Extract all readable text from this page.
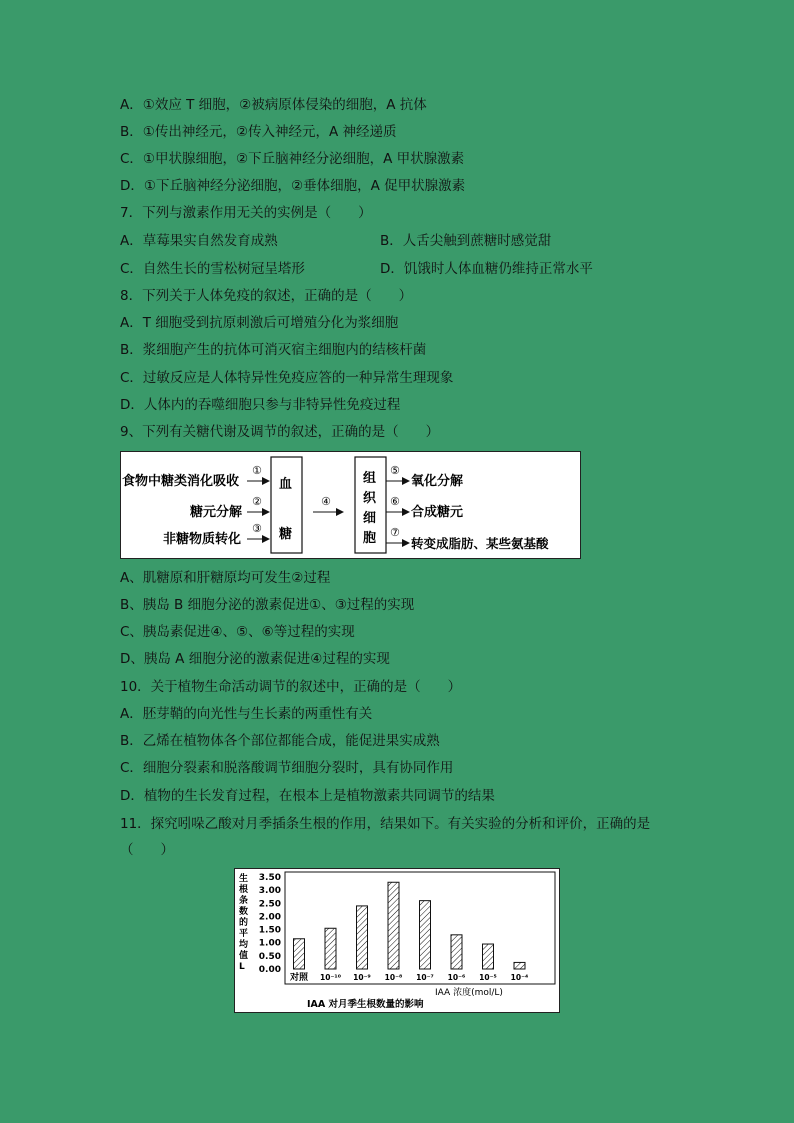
A．①效应 T 细胞，②被病原体侵染的细胞，A 抗体
B．①传出神经元，②传入神经元，A 神经递质
C．①甲状腺细胞，②下丘脑神经分泌细胞，A 甲状腺激素
D．①下丘脑神经分泌细胞，②垂体细胞，A 促甲状腺激素
7．下列与激素作用无关的实例是（　　）
A．草莓果实自然发育成熟	B．人舌尖触到蔗糖时感觉甜
C．自然生长的雪松树冠呈塔形	D．饥饿时人体血糖仍维持正常水平
8．下列关于人体免疫的叙述，正确的是（　　）
A．T 细胞受到抗原刺激后可增殖分化为浆细胞
B．浆细胞产生的抗体可消灭宿主细胞内的结核杆菌
C．过敏反应是人体特异性免疫应答的一种异常生理现象
D．人体内的吞噬细胞只参与非特异性免疫过程
9、下列有关糖代谢及调节的叙述，正确的是（　　）
食物中糖类消化吸收
糖元分解
非糖物质转化
①
②
③
血
糖
④
组
织
细
胞
⑤
⑥
⑦
氧化分解
合成糖元
转变成脂肪、某些氨基酸
A、肌糖原和肝糖原均可发生②过程
B、胰岛 B 细胞分泌的激素促进①、③过程的实现
C、胰岛素促进④、⑤、⑥等过程的实现
D、胰岛 A 细胞分泌的激素促进④过程的实现
10．关于植物生命活动调节的叙述中，正确的是（　　）
A．胚芽鞘的向光性与生长素的两重性有关
B．乙烯在植物体各个部位都能合成，能促进果实成熟
C．细胞分裂素和脱落酸调节细胞分裂时，具有协同作用
D．植物的生长发育过程，在根本上是植物激素共同调节的结果
11．探究吲哚乙酸对月季插条生根的作用，结果如下。有关实验的分析和评价，正确的是
（　　）
生
根
条
数
的
平
均
值
L 0.00
0.50
1.00
1.50
2.00
2.50
3.00
3.50
对照 10⁻¹⁰ 10⁻⁹ 10⁻⁸ 10⁻⁷ 10⁻⁶ 10⁻⁵ 10⁻⁴
IAA 浓度(mol/L)
IAA 对月季生根数量的影响
